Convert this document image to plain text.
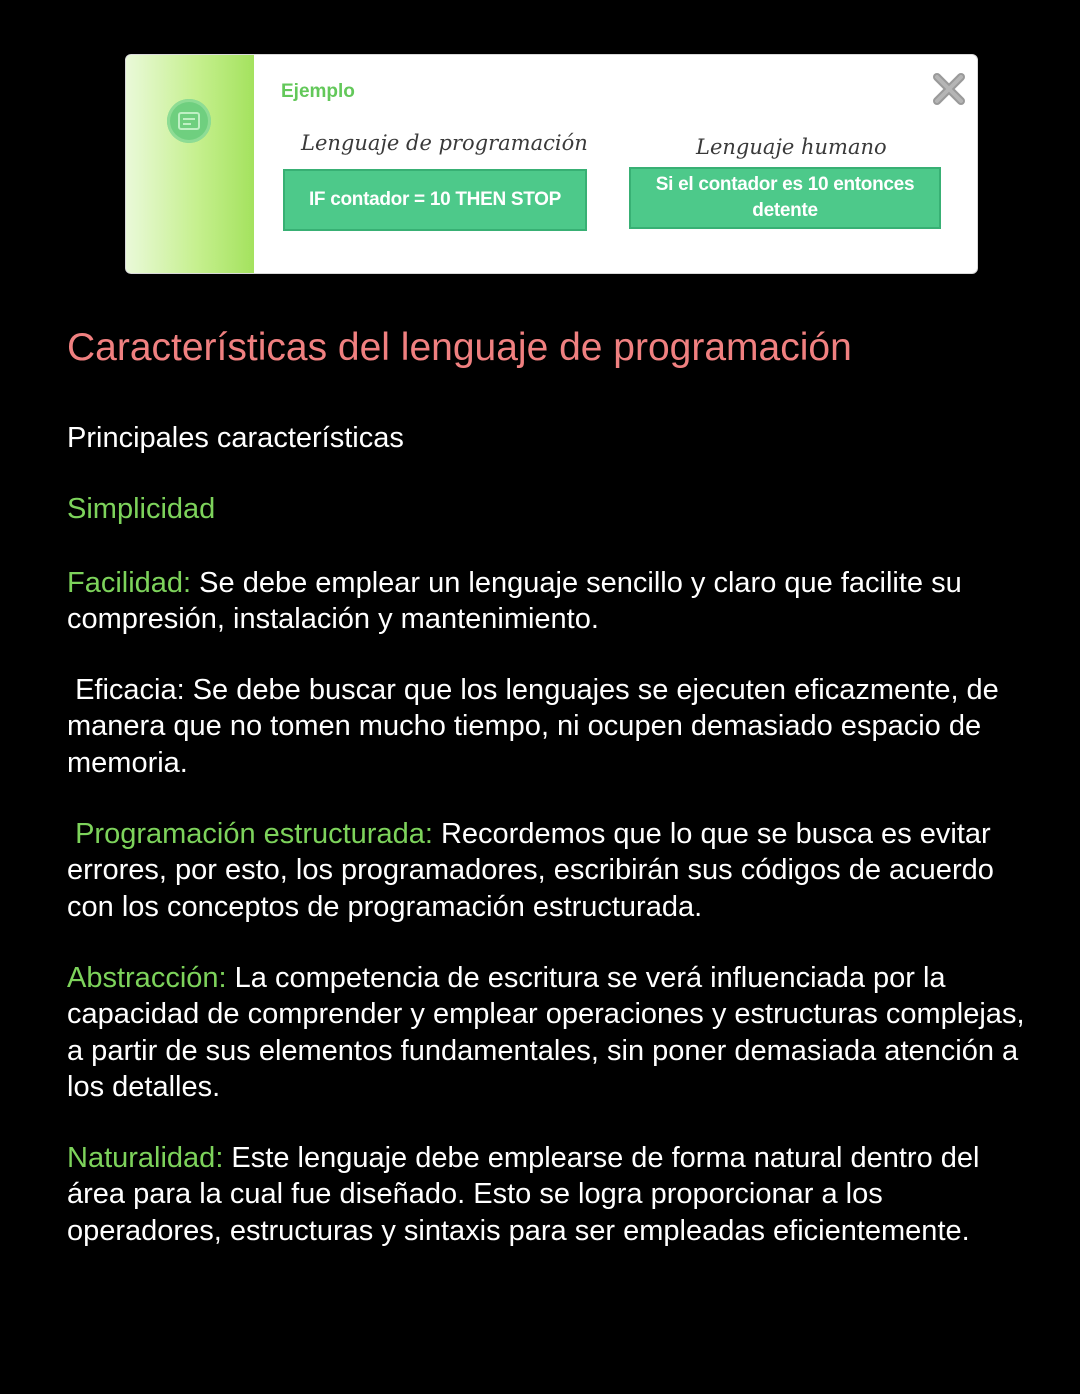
Ejemplo
Lenguaje de programación	Lenguaje humano
IF contador = 10 THEN STOP
Si el contador es 10 entonces detente
Características del lenguaje de programación
Principales características
Simplicidad
Facilidad: Se debe emplear un lenguaje sencillo y claro que facilite su compresión, instalación y mantenimiento.
Eficacia: Se debe buscar que los lenguajes se ejecuten eficazmente, de manera que no tomen mucho tiempo, ni ocupen demasiado espacio de memoria.
Programación estructurada: Recordemos que lo que se busca es evitar errores, por esto, los programadores, escribirán sus códigos de acuerdo con los conceptos de programación estructurada.
Abstracción: La competencia de escritura se verá influenciada por la capacidad de comprender y emplear operaciones y estructuras complejas, a partir de sus elementos fundamentales, sin poner demasiada atención a los detalles.
Naturalidad: Este lenguaje debe emplearse de forma natural dentro del área para la cual fue diseñado. Esto se logra proporcionar a los operadores, estructuras y sintaxis para ser empleadas eficientemente.
